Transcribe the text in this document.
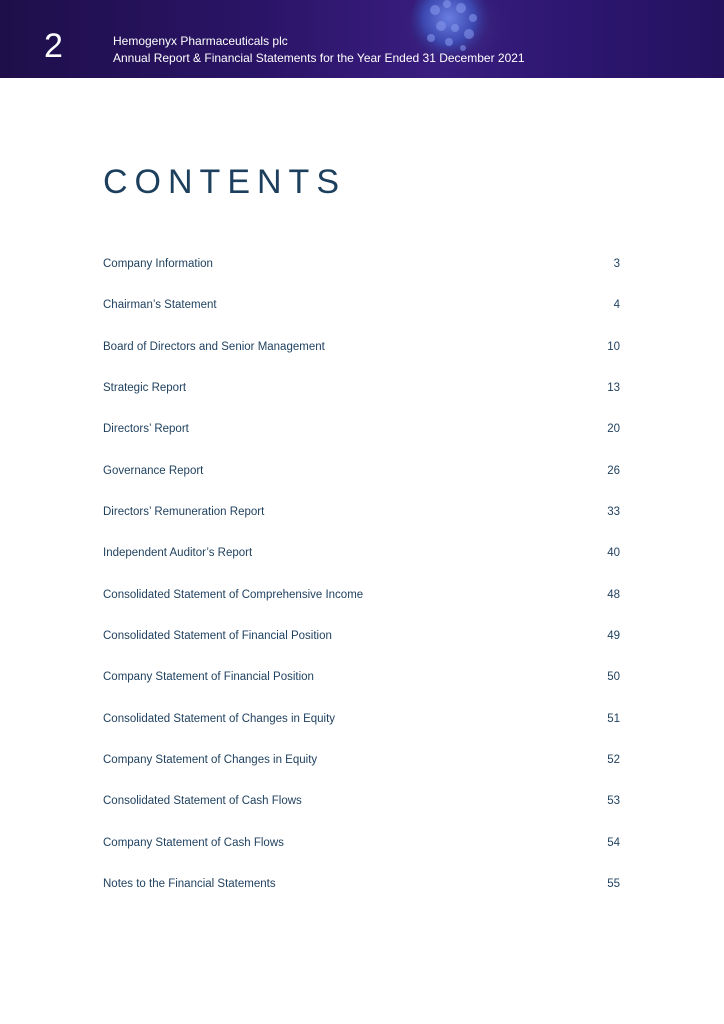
2	Hemogenyx Pharmaceuticals plc
Annual Report & Financial Statements for the Year Ended 31 December 2021
CONTENTS
Company Information	3
Chairman’s Statement	4
Board of Directors and Senior Management	10
Strategic Report	13
Directors’ Report	20
Governance Report	26
Directors’ Remuneration Report	33
Independent Auditor’s Report	40
Consolidated Statement of Comprehensive Income	48
Consolidated Statement of Financial Position	49
Company Statement of Financial Position	50
Consolidated Statement of Changes in Equity	51
Company Statement of Changes in Equity	52
Consolidated Statement of Cash Flows	53
Company Statement of Cash Flows	54
Notes to the Financial Statements	55
